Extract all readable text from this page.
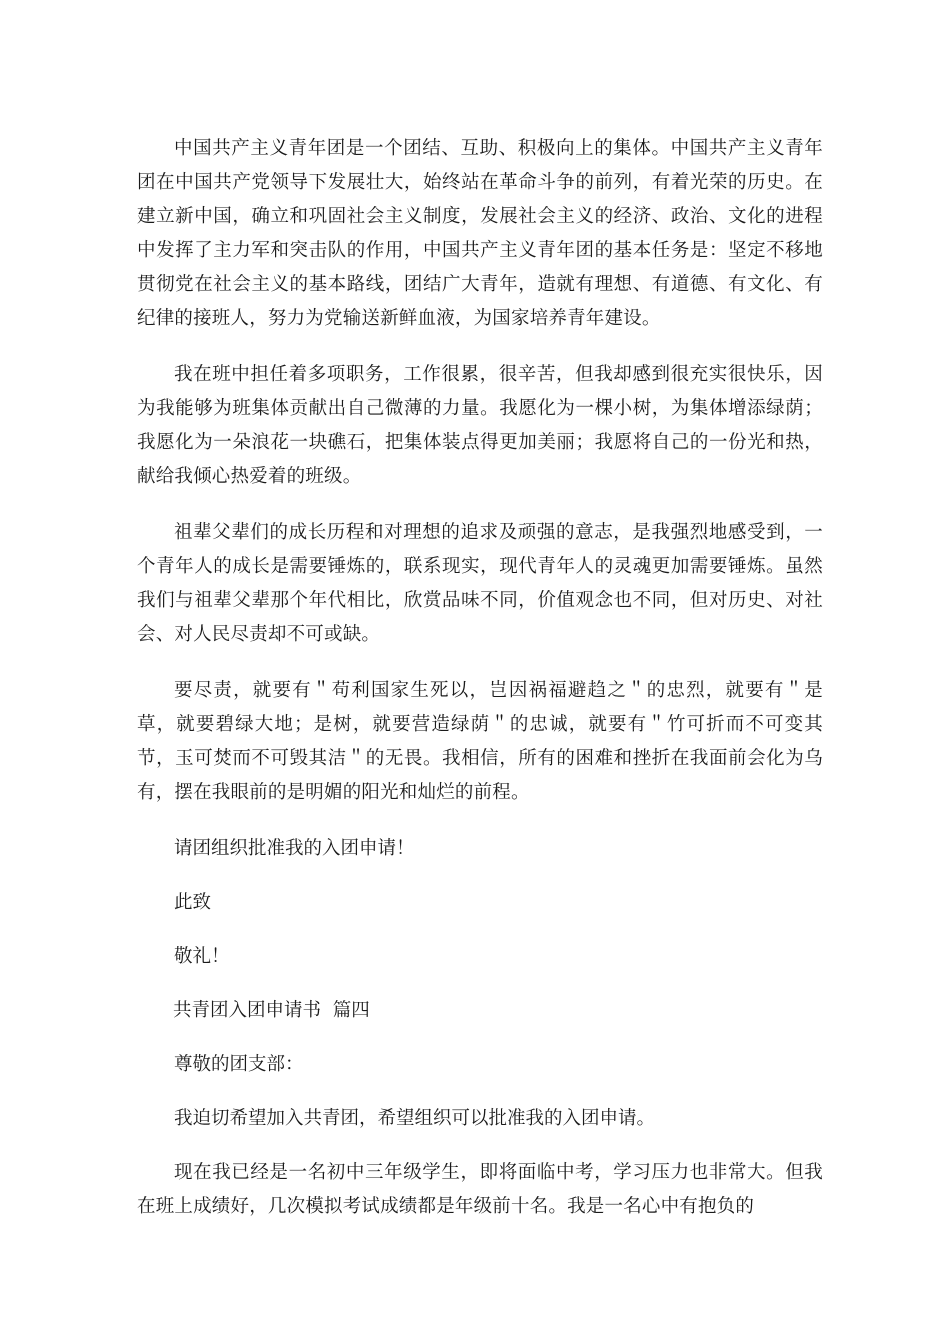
中国共产主义青年团是一个团结、互助、积极向上的集体。中国共产主义青年团在中国共产党领导下发展壮大，始终站在革命斗争的前列，有着光荣的历史。在建立新中国，确立和巩固社会主义制度，发展社会主义的经济、政治、文化的进程中发挥了主力军和突击队的作用，中国共产主义青年团的基本任务是：坚定不移地贯彻党在社会主义的基本路线，团结广大青年，造就有理想、有道德、有文化、有纪律的接班人，努力为党输送新鲜血液，为国家培养青年建设。

我在班中担任着多项职务，工作很累，很辛苦，但我却感到很充实很快乐，因为我能够为班集体贡献出自己微薄的力量。我愿化为一棵小树，为集体增添绿荫；我愿化为一朵浪花一块礁石，把集体装点得更加美丽；我愿将自己的一份光和热，献给我倾心热爱着的班级。

祖辈父辈们的成长历程和对理想的追求及顽强的意志，是我强烈地感受到，一个青年人的成长是需要锤炼的，联系现实，现代青年人的灵魂更加需要锤炼。虽然我们与祖辈父辈那个年代相比，欣赏品味不同，价值观念也不同，但对历史、对社会、对人民尽责却不可或缺。

要尽责，就要有＂苟利国家生死以，岂因祸福避趋之＂的忠烈，就要有＂是草，就要碧绿大地；是树，就要营造绿荫＂的忠诚，就要有＂竹可折而不可变其节，玉可焚而不可毁其洁＂的无畏。我相信，所有的困难和挫折在我面前会化为乌有，摆在我眼前的是明媚的阳光和灿烂的前程。

请团组织批准我的入团申请！

此致

敬礼！

共青团入团申请书  篇四

尊敬的团支部：

我迫切希望加入共青团，希望组织可以批准我的入团申请。

现在我已经是一名初中三年级学生，即将面临中考，学习压力也非常大。但我在班上成绩好，几次模拟考试成绩都是年级前十名。我是一名心中有抱负的
